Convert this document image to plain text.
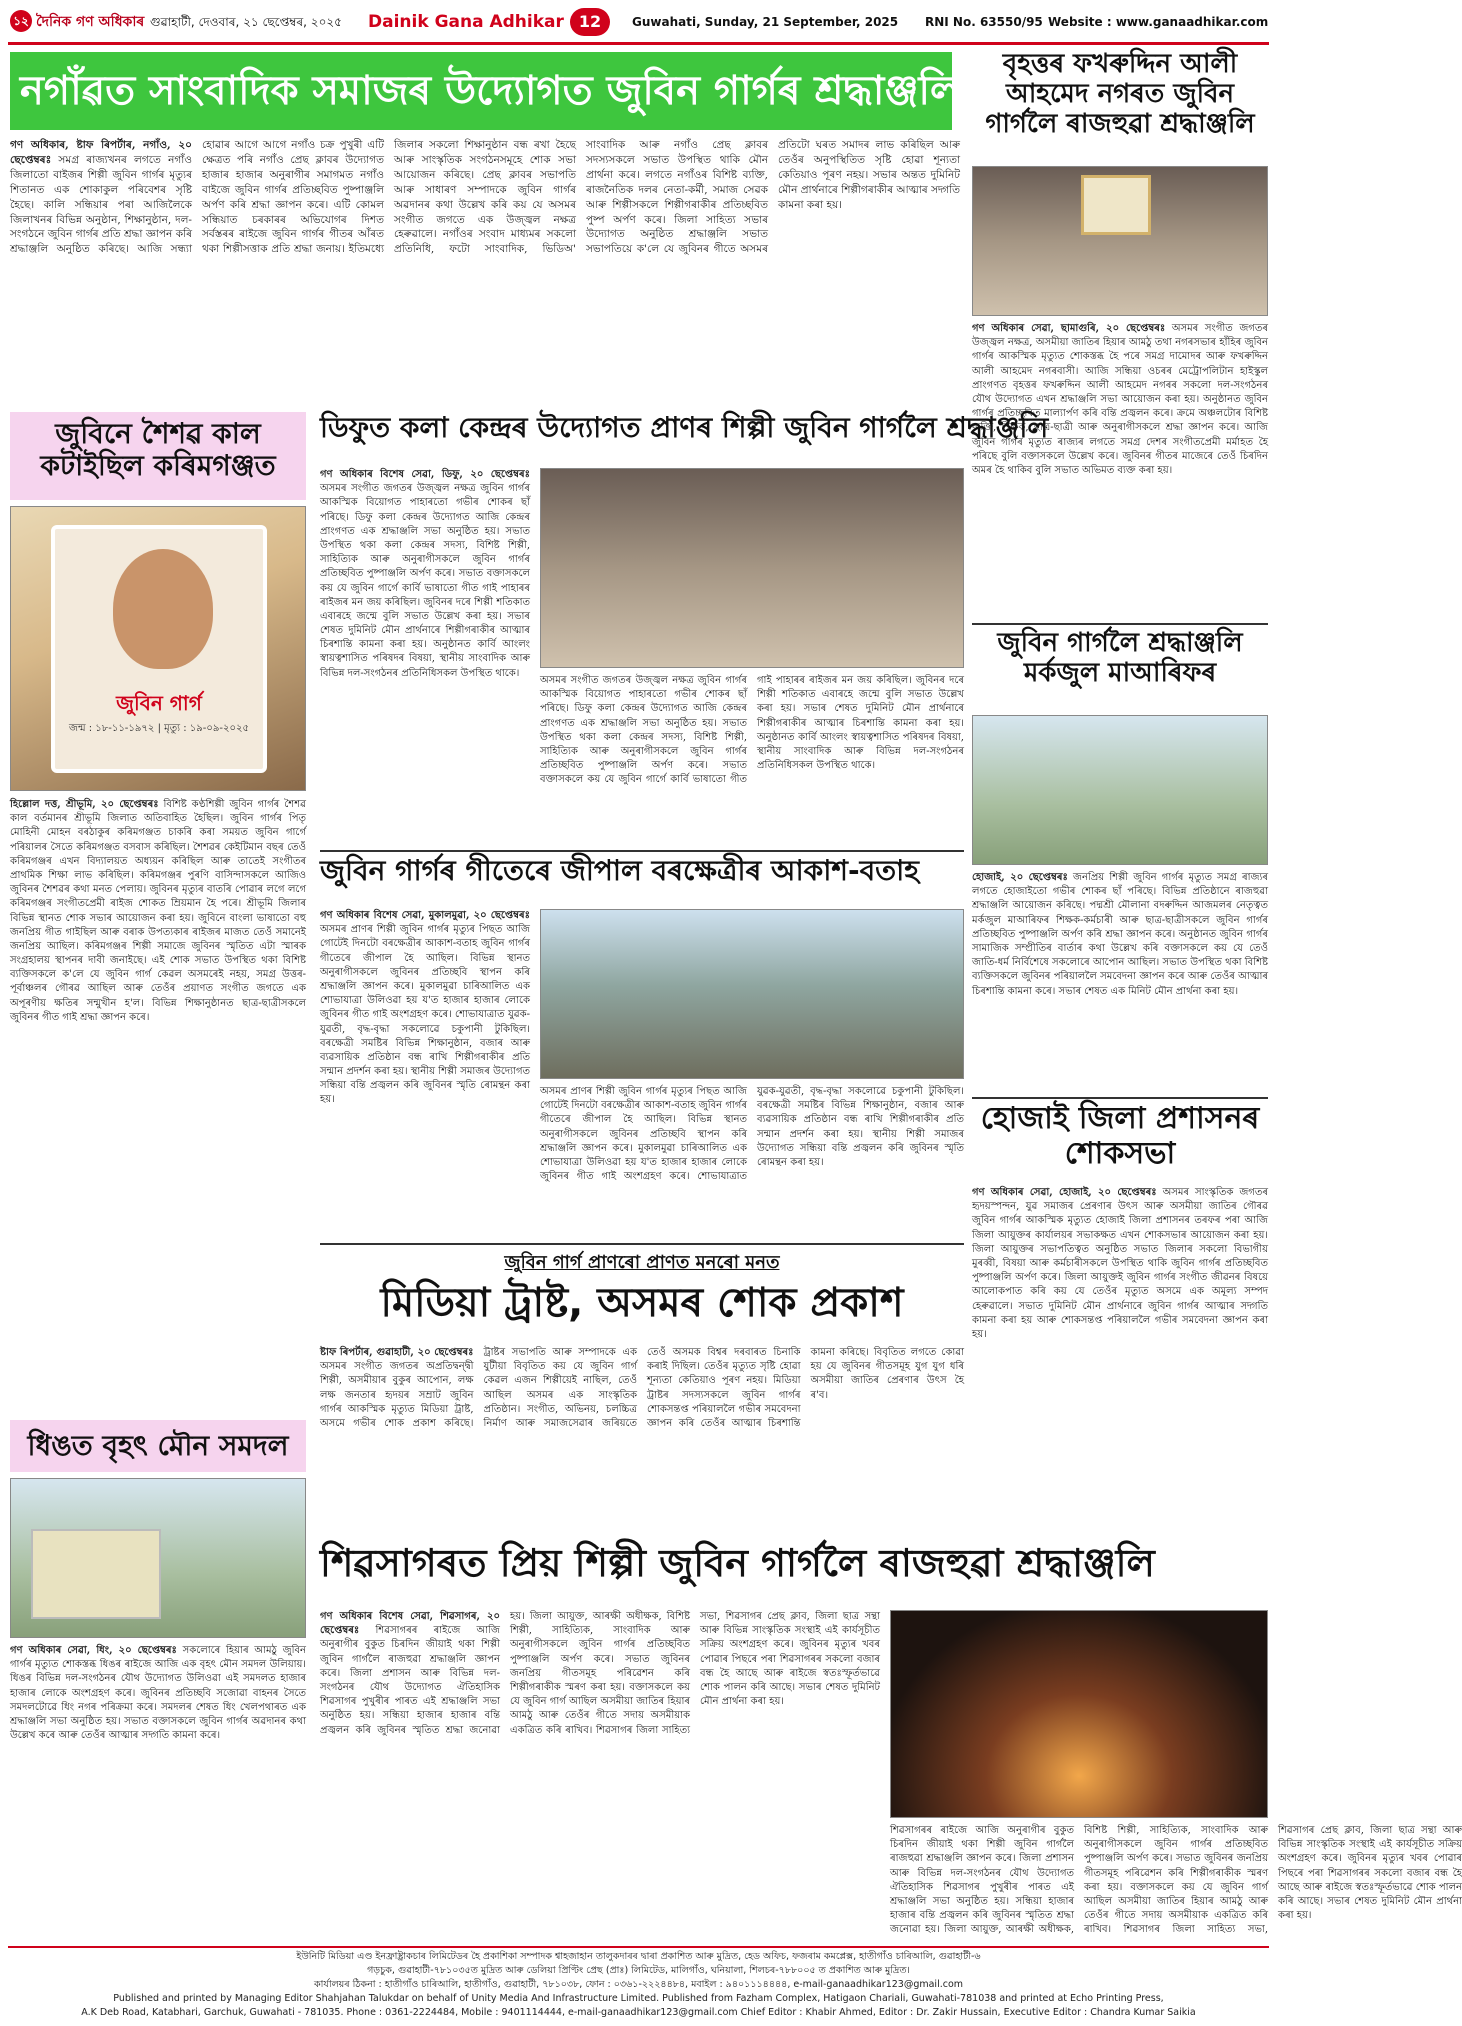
১২ দৈনিক গণ অধিকাৰ গুৱাহাটী, দেওবাৰ, ২১ ছেপ্তেম্বৰ, ২০২৫	Dainik Gana Adhikar 12	Guwahati, Sunday, 21 September, 2025	RNI No. 63550/95 Website : www.ganaadhikar.com
নগাঁৱত সাংবাদিক সমাজৰ উদ্যোগত জুবিন গাৰ্গৰ শ্ৰদ্ধাঞ্জলি
গণ অধিকাৰ, ষ্টাফ ৰিপৰ্টাৰ, নগাঁও, ২০ ছেপ্তেম্বৰঃ সমগ্ৰ ৰাজ্যখনৰ লগতে নগাঁও জিলাতো বাইজৰ শিল্পী জুবিন গাৰ্গৰ মৃত্যুৰ শিতানত এক শোকাকুল পৰিবেশৰ সৃষ্টি হৈছে। কালি সন্ধিয়াৰ পৰা আজিলৈকে জিলাখনৰ বিভিন্ন অনুষ্ঠান, শিক্ষানুষ্ঠান, দল-সংগঠনে জুবিন গাৰ্গৰ প্ৰতি শ্ৰদ্ধা জ্ঞাপন কৰি শ্ৰদ্ধাঞ্জলি অনুষ্ঠিত কৰিছে। আজি সন্ধ্যা হোৱাৰ আগে আগে নগাঁও চক্ৰ পুখুৰী এটি ক্ষেত্ৰত পৰি নগাঁও প্ৰেছ ক্লাবৰ উদ্যোগত হাজাৰ হাজাৰ অনুৰাগীৰ সমাগমত নগাঁও বাইজে জুবিন গাৰ্গৰ প্ৰতিচ্ছবিত পুষ্পাঞ্জলি অৰ্পণ কৰি শ্ৰদ্ধা জ্ঞাপন কৰে। এটি কোমল সন্ধিয়াত চৰকাৰৰ অভিযোগৰ দিশত সৰ্বস্তৰৰ ৰাইজে জুবিন গাৰ্গৰ গীতৰ আঁৰত থকা শিল্পীসত্তাক প্ৰতি শ্ৰদ্ধা জনায়। ইতিমধ্যে জিলাৰ সকলো শিক্ষানুষ্ঠান বন্ধ ৰখা হৈছে আৰু সাংস্কৃতিক সংগঠনসমূহে শোক সভা আয়োজন কৰিছে। প্ৰেছ ক্লাবৰ সভাপতি আৰু সাধাৰণ সম্পাদকে জুবিন গাৰ্গৰ অৱদানৰ কথা উল্লেখ কৰি কয় যে অসমৰ সংগীত জগতে এক উজ্জ্বল নক্ষত্ৰ হেৰুৱালে। নগাঁওৰ সংবাদ মাধ্যমৰ সকলো প্ৰতিনিধি, ফটো সাংবাদিক, ভিডিঅ' সাংবাদিক আৰু নগাঁও প্ৰেছ ক্লাবৰ সদস্যসকলে সভাত উপস্থিত থাকি মৌন প্ৰাৰ্থনা কৰে। লগতে নগাঁওৰ বিশিষ্ট ব্যক্তি, ৰাজনৈতিক দলৰ নেতা-কৰ্মী, সমাজ সেৱক আৰু শিল্পীসকলে শিল্পীগৰাকীৰ প্ৰতিচ্ছবিত পুষ্প অৰ্পণ কৰে। জিলা সাহিত্য সভাৰ উদ্যোগত অনুষ্ঠিত শ্ৰদ্ধাঞ্জলি সভাত সভাপতিয়ে ক'লে যে জুবিনৰ গীতে অসমৰ প্ৰতিটো ঘৰত সমাদৰ লাভ কৰিছিল আৰু তেওঁৰ অনুপস্থিতিত সৃষ্টি হোৱা শূন্যতা কেতিয়াও পূৰণ নহয়। সভাৰ অন্তত দুমিনিট মৌন প্ৰাৰ্থনাৰে শিল্পীগৰাকীৰ আত্মাৰ সদ্গতি কামনা কৰা হয়।
বৃহত্তৰ ফখৰুদ্দিন আলী আহমেদ নগৰত জুবিন গাৰ্গলৈ ৰাজহুৱা শ্ৰদ্ধাঞ্জলি
গণ অধিকাৰ সেৱা, ছামাগুৰি, ২০ ছেপ্তেম্বৰঃ অসমৰ সংগীত জগতৰ উজ্জ্বল নক্ষত্ৰ, অসমীয়া জাতিৰ হিয়াৰ আমঠু তথা নগৰসভাৰ হাঁহিৰ জুবিন গাৰ্গৰ আকস্মিক মৃত্যুত শোকস্তব্ধ হৈ পৰে সমগ্ৰ দামোদৰ আৰু ফখৰুদ্দিন আলী আহমেদ নগৰবাসী। আজি সন্ধিয়া ওচৰৰ মেট্ৰোপলিটান হাইস্কুল প্ৰাংগণত বৃহত্তৰ ফখৰুদ্দিন আলী আহমেদ নগৰৰ সকলো দল-সংগঠনৰ যৌথ উদ্যোগত এখন শ্ৰদ্ধাঞ্জলি সভা আয়োজন কৰা হয়। অনুষ্ঠানত জুবিন গাৰ্গৰ প্ৰতিচ্ছবিত মাল্যাৰ্পণ কৰি বন্তি প্ৰজ্বলন কৰে। ক্ৰমে অঞ্চলটোৰ বিশিষ্ট ব্যক্তি, শিক্ষক, ছাত্ৰ-ছাত্ৰী আৰু অনুৰাগীসকলে শ্ৰদ্ধা জ্ঞাপন কৰে। আজি জুবিন গাৰ্গৰ মৃত্যুত ৰাজ্যৰ লগতে সমগ্ৰ দেশৰ সংগীতপ্ৰেমী মৰ্মাহত হৈ পৰিছে বুলি বক্তাসকলে উল্লেখ কৰে। জুবিনৰ গীতৰ মাজেৰে তেওঁ চিৰদিন অমৰ হৈ থাকিব বুলি সভাত অভিমত ব্যক্ত কৰা হয়।
জুবিন গাৰ্গলৈ শ্ৰদ্ধাঞ্জলি মৰ্কজুল মাআৰিফৰ
হোজাই, ২০ ছেপ্তেম্বৰঃ জনপ্ৰিয় শিল্পী জুবিন গাৰ্গৰ মৃত্যুত সমগ্ৰ ৰাজ্যৰ লগতে হোজাইতো গভীৰ শোকৰ ছাঁ পৰিছে। বিভিন্ন প্ৰতিষ্ঠানে ৰাজহুৱা শ্ৰদ্ধাঞ্জলি আয়োজন কৰিছে। পদ্মশ্ৰী মৌলানা বদৰুদ্দিন আজমলৰ নেতৃত্বত মৰ্কজুল মাআৰিফৰ শিক্ষক-কৰ্মচাৰী আৰু ছাত্ৰ-ছাত্ৰীসকলে জুবিন গাৰ্গৰ প্ৰতিচ্ছবিত পুষ্পাঞ্জলি অৰ্পণ কৰি শ্ৰদ্ধা জ্ঞাপন কৰে। অনুষ্ঠানত জুবিন গাৰ্গৰ সামাজিক সম্প্ৰীতিৰ বাৰ্তাৰ কথা উল্লেখ কৰি বক্তাসকলে কয় যে তেওঁ জাতি-ধৰ্ম নিৰ্বিশেষে সকলোৰে আপোন আছিল। সভাত উপস্থিত থকা বিশিষ্ট ব্যক্তিসকলে জুবিনৰ পৰিয়াললৈ সমবেদনা জ্ঞাপন কৰে আৰু তেওঁৰ আত্মাৰ চিৰশান্তি কামনা কৰে। সভাৰ শেষত এক মিনিট মৌন প্ৰাৰ্থনা কৰা হয়।
হোজাই জিলা প্ৰশাসনৰ শোকসভা
গণ অধিকাৰ সেৱা, হোজাই, ২০ ছেপ্তেম্বৰঃ অসমৰ সাংস্কৃতিক জগতৰ হৃদয়স্পন্দন, যুৱ সমাজৰ প্ৰেৰণাৰ উৎস আৰু অসমীয়া জাতিৰ গৌৰৱ জুবিন গাৰ্গৰ আকস্মিক মৃত্যুত হোজাই জিলা প্ৰশাসনৰ তৰফৰ পৰা আজি জিলা আয়ুক্তৰ কাৰ্যালয়ৰ সভাকক্ষত এখন শোকসভাৰ আয়োজন কৰা হয়। জিলা আয়ুক্তৰ সভাপতিত্বত অনুষ্ঠিত সভাত জিলাৰ সকলো বিভাগীয় মুৰব্বী, বিষয়া আৰু কৰ্মচাৰীসকলে উপস্থিত থাকি জুবিন গাৰ্গৰ প্ৰতিচ্ছবিত পুষ্পাঞ্জলি অৰ্পণ কৰে। জিলা আয়ুক্তই জুবিন গাৰ্গৰ সংগীত জীৱনৰ বিষয়ে আলোকপাত কৰি কয় যে তেওঁৰ মৃত্যুত অসমে এক অমূল্য সম্পদ হেৰুৱালে। সভাত দুমিনিট মৌন প্ৰাৰ্থনাৰে জুবিন গাৰ্গৰ আত্মাৰ সদ্গতি কামনা কৰা হয় আৰু শোকসন্তপ্ত পৰিয়াললৈ গভীৰ সমবেদনা জ্ঞাপন কৰা হয়।
জুবিনে শৈশৱ কাল কটাইছিল কৰিমগঞ্জত
জুবিন গাৰ্গ
জন্ম : ১৮-১১-১৯৭২ | মৃত্যু : ১৯-০৯-২০২৫
হিল্লোল দত্ত, শ্ৰীভূমি, ২০ ছেপ্তেম্বৰঃ বিশিষ্ট কণ্ঠশিল্পী জুবিন গাৰ্গৰ শৈশৱ কাল বৰ্তমানৰ শ্ৰীভূমি জিলাত অতিবাহিত হৈছিল। জুবিন গাৰ্গৰ পিতৃ মোহিনী মোহন বৰঠাকুৰ কৰিমগঞ্জত চাকৰি কৰা সময়ত জুবিন গাৰ্গে পৰিয়ালৰ সৈতে কৰিমগঞ্জত বসবাস কৰিছিল। শৈশৱৰ কেইটিমান বছৰ তেওঁ কৰিমগঞ্জৰ এখন বিদ্যালয়ত অধ্যয়ন কৰিছিল আৰু তাতেই সংগীতৰ প্ৰাথমিক শিক্ষা লাভ কৰিছিল। কৰিমগঞ্জৰ পুৰণি বাসিন্দাসকলে আজিও জুবিনৰ শৈশৱৰ কথা মনত পেলায়। জুবিনৰ মৃত্যুৰ বাতৰি পোৱাৰ লগে লগে কৰিমগঞ্জৰ সংগীতপ্ৰেমী ৰাইজ শোকত ম্ৰিয়মান হৈ পৰে। শ্ৰীভূমি জিলাৰ বিভিন্ন স্থানত শোক সভাৰ আয়োজন কৰা হয়। জুবিনে বাংলা ভাষাতো বহু জনপ্ৰিয় গীত গাইছিল আৰু বৰাক উপত্যকাৰ ৰাইজৰ মাজত তেওঁ সমানেই জনপ্ৰিয় আছিল। কৰিমগঞ্জৰ শিল্পী সমাজে জুবিনৰ স্মৃতিত এটা স্মাৰক সংগ্ৰহালয় স্থাপনৰ দাবী জনাইছে। এই শোক সভাত উপস্থিত থকা বিশিষ্ট ব্যক্তিসকলে ক'লে যে জুবিন গাৰ্গ কেৱল অসমৰেই নহয়, সমগ্ৰ উত্তৰ-পূৰ্বাঞ্চলৰ গৌৰৱ আছিল আৰু তেওঁৰ প্ৰয়াণত সংগীত জগতে এক অপূৰণীয় ক্ষতিৰ সন্মুখীন হ'ল। বিভিন্ন শিক্ষানুষ্ঠানত ছাত্ৰ-ছাত্ৰীসকলে জুবিনৰ গীত গাই শ্ৰদ্ধা জ্ঞাপন কৰে।
ডিফুত কলা কেন্দ্ৰৰ উদ্যোগত প্ৰাণৰ শিল্পী জুবিন গাৰ্গলৈ শ্ৰদ্ধাঞ্জলি
গণ অধিকাৰ বিশেষ সেৱা, ডিফু, ২০ ছেপ্তেম্বৰঃ অসমৰ সংগীত জগতৰ উজ্জ্বল নক্ষত্ৰ জুবিন গাৰ্গৰ আকস্মিক বিয়োগত পাহাৰতো গভীৰ শোকৰ ছাঁ পৰিছে। ডিফু কলা কেন্দ্ৰৰ উদ্যোগত আজি কেন্দ্ৰৰ প্ৰাংগণত এক শ্ৰদ্ধাঞ্জলি সভা অনুষ্ঠিত হয়। সভাত উপস্থিত থকা কলা কেন্দ্ৰৰ সদস্য, বিশিষ্ট শিল্পী, সাহিত্যিক আৰু অনুৰাগীসকলে জুবিন গাৰ্গৰ প্ৰতিচ্ছবিত পুষ্পাঞ্জলি অৰ্পণ কৰে। সভাত বক্তাসকলে কয় যে জুবিন গাৰ্গে কাৰ্বি ভাষাতো গীত গাই পাহাৰৰ ৰাইজৰ মন জয় কৰিছিল। জুবিনৰ দৰে শিল্পী শতিকাত এবাৰহে জন্মে বুলি সভাত উল্লেখ কৰা হয়। সভাৰ শেষত দুমিনিট মৌন প্ৰাৰ্থনাৰে শিল্পীগৰাকীৰ আত্মাৰ চিৰশান্তি কামনা কৰা হয়। অনুষ্ঠানত কাৰ্বি আংলং স্বায়ত্বশাসিত পৰিষদৰ বিষয়া, স্থানীয় সাংবাদিক আৰু বিভিন্ন দল-সংগঠনৰ প্ৰতিনিধিসকল উপস্থিত থাকে।
অসমৰ সংগীত জগতৰ উজ্জ্বল নক্ষত্ৰ জুবিন গাৰ্গৰ আকস্মিক বিয়োগত পাহাৰতো গভীৰ শোকৰ ছাঁ পৰিছে। ডিফু কলা কেন্দ্ৰৰ উদ্যোগত আজি কেন্দ্ৰৰ প্ৰাংগণত এক শ্ৰদ্ধাঞ্জলি সভা অনুষ্ঠিত হয়। সভাত উপস্থিত থকা কলা কেন্দ্ৰৰ সদস্য, বিশিষ্ট শিল্পী, সাহিত্যিক আৰু অনুৰাগীসকলে জুবিন গাৰ্গৰ প্ৰতিচ্ছবিত পুষ্পাঞ্জলি অৰ্পণ কৰে। সভাত বক্তাসকলে কয় যে জুবিন গাৰ্গে কাৰ্বি ভাষাতো গীত গাই পাহাৰৰ ৰাইজৰ মন জয় কৰিছিল। জুবিনৰ দৰে শিল্পী শতিকাত এবাৰহে জন্মে বুলি সভাত উল্লেখ কৰা হয়। সভাৰ শেষত দুমিনিট মৌন প্ৰাৰ্থনাৰে শিল্পীগৰাকীৰ আত্মাৰ চিৰশান্তি কামনা কৰা হয়। অনুষ্ঠানত কাৰ্বি আংলং স্বায়ত্বশাসিত পৰিষদৰ বিষয়া, স্থানীয় সাংবাদিক আৰু বিভিন্ন দল-সংগঠনৰ প্ৰতিনিধিসকল উপস্থিত থাকে।
জুবিন গাৰ্গৰ গীতেৰে জীপাল বৰক্ষেত্ৰীৰ আকাশ-বতাহ
গণ অধিকাৰ বিশেষ সেৱা, মুকালমুৱা, ২০ ছেপ্তেম্বৰঃ অসমৰ প্ৰাণৰ শিল্পী জুবিন গাৰ্গৰ মৃত্যুৰ পিছত আজি গোটেই দিনটো বৰক্ষেত্ৰীৰ আকাশ-বতাহ জুবিন গাৰ্গৰ গীতেৰে জীপাল হৈ আছিল। বিভিন্ন স্থানত অনুৰাগীসকলে জুবিনৰ প্ৰতিচ্ছবি স্থাপন কৰি শ্ৰদ্ধাঞ্জলি জ্ঞাপন কৰে। মুকালমুৱা চাৰিআলিত এক শোভাযাত্ৰা উলিওৱা হয় য'ত হাজাৰ হাজাৰ লোকে জুবিনৰ গীত গাই অংশগ্ৰহণ কৰে। শোভাযাত্ৰাত যুৱক-যুৱতী, বৃদ্ধ-বৃদ্ধা সকলোৱে চকুপানী টুকিছিল। বৰক্ষেত্ৰী সমষ্টিৰ বিভিন্ন শিক্ষানুষ্ঠান, বজাৰ আৰু ব্যৱসায়িক প্ৰতিষ্ঠান বন্ধ ৰাখি শিল্পীগৰাকীৰ প্ৰতি সন্মান প্ৰদৰ্শন কৰা হয়। স্থানীয় শিল্পী সমাজৰ উদ্যোগত সন্ধিয়া বন্তি প্ৰজ্বলন কৰি জুবিনৰ স্মৃতি ৰোমন্থন কৰা হয়।
অসমৰ প্ৰাণৰ শিল্পী জুবিন গাৰ্গৰ মৃত্যুৰ পিছত আজি গোটেই দিনটো বৰক্ষেত্ৰীৰ আকাশ-বতাহ জুবিন গাৰ্গৰ গীতেৰে জীপাল হৈ আছিল। বিভিন্ন স্থানত অনুৰাগীসকলে জুবিনৰ প্ৰতিচ্ছবি স্থাপন কৰি শ্ৰদ্ধাঞ্জলি জ্ঞাপন কৰে। মুকালমুৱা চাৰিআলিত এক শোভাযাত্ৰা উলিওৱা হয় য'ত হাজাৰ হাজাৰ লোকে জুবিনৰ গীত গাই অংশগ্ৰহণ কৰে। শোভাযাত্ৰাত যুৱক-যুৱতী, বৃদ্ধ-বৃদ্ধা সকলোৱে চকুপানী টুকিছিল। বৰক্ষেত্ৰী সমষ্টিৰ বিভিন্ন শিক্ষানুষ্ঠান, বজাৰ আৰু ব্যৱসায়িক প্ৰতিষ্ঠান বন্ধ ৰাখি শিল্পীগৰাকীৰ প্ৰতি সন্মান প্ৰদৰ্শন কৰা হয়। স্থানীয় শিল্পী সমাজৰ উদ্যোগত সন্ধিয়া বন্তি প্ৰজ্বলন কৰি জুবিনৰ স্মৃতি ৰোমন্থন কৰা হয়।
জুবিন গাৰ্গ প্ৰাণৰো প্ৰাণত মনৰো মনত
মিডিয়া ট্ৰাষ্ট, অসমৰ শোক প্ৰকাশ
ষ্টাফ ৰিপৰ্টাৰ, গুৱাহাটী, ২০ ছেপ্তেম্বৰঃ অসমৰ সংগীত জগতৰ অপ্ৰতিদ্বন্দ্বী শিল্পী, অসমীয়াৰ বুকুৰ আপোন, লক্ষ লক্ষ জনতাৰ হৃদয়ৰ সম্ৰাট জুবিন গাৰ্গৰ আকস্মিক মৃত্যুত মিডিয়া ট্ৰাষ্ট, অসমে গভীৰ শোক প্ৰকাশ কৰিছে। ট্ৰাষ্টৰ সভাপতি আৰু সম্পাদকে এক যুটীয়া বিবৃতিত কয় যে জুবিন গাৰ্গ কেৱল এজন শিল্পীয়েই নাছিল, তেওঁ আছিল অসমৰ এক সাংস্কৃতিক প্ৰতিষ্ঠান। সংগীত, অভিনয়, চলচ্চিত্ৰ নিৰ্মাণ আৰু সমাজসেৱাৰ জৰিয়তে তেওঁ অসমক বিশ্বৰ দৰবাৰত চিনাকি কৰাই দিছিল। তেওঁৰ মৃত্যুত সৃষ্টি হোৱা শূন্যতা কেতিয়াও পূৰণ নহয়। মিডিয়া ট্ৰাষ্টৰ সদস্যসকলে জুবিন গাৰ্গৰ শোকসন্তপ্ত পৰিয়াললৈ গভীৰ সমবেদনা জ্ঞাপন কৰি তেওঁৰ আত্মাৰ চিৰশান্তি কামনা কৰিছে। বিবৃতিত লগতে কোৱা হয় যে জুবিনৰ গীতসমূহ যুগ যুগ ধৰি অসমীয়া জাতিৰ প্ৰেৰণাৰ উৎস হৈ ৰ'ব।
ধিঙত বৃহৎ মৌন সমদল
গণ অধিকাৰ সেৱা, ধিং, ২০ ছেপ্তেম্বৰঃ সকলোৰে হিয়াৰ আমঠু জুবিন গাৰ্গৰ মৃত্যুত শোকস্তব্ধ ধিঙৰ ৰাইজে আজি এক বৃহৎ মৌন সমদল উলিয়ায়। ধিঙৰ বিভিন্ন দল-সংগঠনৰ যৌথ উদ্যোগত উলিওৱা এই সমদলত হাজাৰ হাজাৰ লোকে অংশগ্ৰহণ কৰে। জুবিনৰ প্ৰতিচ্ছবি সজোৱা বাহনৰ সৈতে সমদলটোৱে ধিং নগৰ পৰিক্ৰমা কৰে। সমদলৰ শেষত ধিং খেলপথাৰত এক শ্ৰদ্ধাঞ্জলি সভা অনুষ্ঠিত হয়। সভাত বক্তাসকলে জুবিন গাৰ্গৰ অৱদানৰ কথা উল্লেখ কৰে আৰু তেওঁৰ আত্মাৰ সদ্গতি কামনা কৰে।
শিৱসাগৰত প্ৰিয় শিল্পী জুবিন গাৰ্গলৈ ৰাজহুৱা শ্ৰদ্ধাঞ্জলি
গণ অধিকাৰ বিশেষ সেৱা, শিৱসাগৰ, ২০ ছেপ্তেম্বৰঃ শিৱসাগৰৰ ৰাইজে আজি অনুৰাগীৰ বুকুত চিৰদিন জীয়াই থকা শিল্পী জুবিন গাৰ্গলৈ ৰাজহুৱা শ্ৰদ্ধাঞ্জলি জ্ঞাপন কৰে। জিলা প্ৰশাসন আৰু বিভিন্ন দল-সংগঠনৰ যৌথ উদ্যোগত ঐতিহাসিক শিৱসাগৰ পুখুৰীৰ পাৰত এই শ্ৰদ্ধাঞ্জলি সভা অনুষ্ঠিত হয়। সন্ধিয়া হাজাৰ হাজাৰ বন্তি প্ৰজ্বলন কৰি জুবিনৰ স্মৃতিত শ্ৰদ্ধা জনোৱা হয়। জিলা আয়ুক্ত, আৰক্ষী অধীক্ষক, বিশিষ্ট শিল্পী, সাহিত্যিক, সাংবাদিক আৰু অনুৰাগীসকলে জুবিন গাৰ্গৰ প্ৰতিচ্ছবিত পুষ্পাঞ্জলি অৰ্পণ কৰে। সভাত জুবিনৰ জনপ্ৰিয় গীতসমূহ পৰিৱেশন কৰি শিল্পীগৰাকীক স্মৰণ কৰা হয়। বক্তাসকলে কয় যে জুবিন গাৰ্গ আছিল অসমীয়া জাতিৰ হিয়াৰ আমঠু আৰু তেওঁৰ গীতে সদায় অসমীয়াক একত্ৰিত কৰি ৰাখিব। শিৱসাগৰ জিলা সাহিত্য সভা, শিৱসাগৰ প্ৰেছ ক্লাব, জিলা ছাত্ৰ সন্থা আৰু বিভিন্ন সাংস্কৃতিক সংস্থাই এই কাৰ্যসূচীত সক্ৰিয় অংশগ্ৰহণ কৰে। জুবিনৰ মৃত্যুৰ খবৰ পোৱাৰ পিছৰে পৰা শিৱসাগৰৰ সকলো বজাৰ বন্ধ হৈ আছে আৰু ৰাইজে স্বতঃস্ফূৰ্তভাৱে শোক পালন কৰি আছে। সভাৰ শেষত দুমিনিট মৌন প্ৰাৰ্থনা কৰা হয়।
শিৱসাগৰৰ ৰাইজে আজি অনুৰাগীৰ বুকুত চিৰদিন জীয়াই থকা শিল্পী জুবিন গাৰ্গলৈ ৰাজহুৱা শ্ৰদ্ধাঞ্জলি জ্ঞাপন কৰে। জিলা প্ৰশাসন আৰু বিভিন্ন দল-সংগঠনৰ যৌথ উদ্যোগত ঐতিহাসিক শিৱসাগৰ পুখুৰীৰ পাৰত এই শ্ৰদ্ধাঞ্জলি সভা অনুষ্ঠিত হয়। সন্ধিয়া হাজাৰ হাজাৰ বন্তি প্ৰজ্বলন কৰি জুবিনৰ স্মৃতিত শ্ৰদ্ধা জনোৱা হয়। জিলা আয়ুক্ত, আৰক্ষী অধীক্ষক, বিশিষ্ট শিল্পী, সাহিত্যিক, সাংবাদিক আৰু অনুৰাগীসকলে জুবিন গাৰ্গৰ প্ৰতিচ্ছবিত পুষ্পাঞ্জলি অৰ্পণ কৰে। সভাত জুবিনৰ জনপ্ৰিয় গীতসমূহ পৰিৱেশন কৰি শিল্পীগৰাকীক স্মৰণ কৰা হয়। বক্তাসকলে কয় যে জুবিন গাৰ্গ আছিল অসমীয়া জাতিৰ হিয়াৰ আমঠু আৰু তেওঁৰ গীতে সদায় অসমীয়াক একত্ৰিত কৰি ৰাখিব। শিৱসাগৰ জিলা সাহিত্য সভা, শিৱসাগৰ প্ৰেছ ক্লাব, জিলা ছাত্ৰ সন্থা আৰু বিভিন্ন সাংস্কৃতিক সংস্থাই এই কাৰ্যসূচীত সক্ৰিয় অংশগ্ৰহণ কৰে। জুবিনৰ মৃত্যুৰ খবৰ পোৱাৰ পিছৰে পৰা শিৱসাগৰৰ সকলো বজাৰ বন্ধ হৈ আছে আৰু ৰাইজে স্বতঃস্ফূৰ্তভাৱে শোক পালন কৰি আছে। সভাৰ শেষত দুমিনিট মৌন প্ৰাৰ্থনা কৰা হয়।
ইউনিটি মিডিয়া এণ্ড ইনফ্ৰাষ্ট্ৰাকচাৰ লিমিটেডৰ হৈ প্ৰকাশিকা সম্পাদক শ্বাহজাহান তালুকদাৰৰ দ্বাৰা প্ৰকাশিত আৰু মুদ্ৰিত, হেড অফিচ, ফজৰাম কমপ্লেক্স, হাতীগাঁও চাৰিআলি, গুৱাহাটী-৬
গড়চুক, গুৱাহাটী-৭৮১০৩৫ত মুদ্ৰিত আৰু ডেলিয়া প্ৰিণ্টিং প্ৰেছ (প্ৰাঃ) লিমিটেড, মালিগাঁও, ঘনিয়ালা, শিলচৰ-৭৮৮০০৫ ত প্ৰকাশিত আৰু মুদ্ৰিত।
কাৰ্যালয়ৰ ঠিকনা : হাতীগাঁও চাৰিআলি, হাতীগাঁও, গুৱাহাটী, ৭৮১০৩৮, ফোন : ০৩৬১-২২২৪৪৮৪, মবাইল : ৯৪০১১১৪৪৪৪, e-mail-ganaadhikar123@gmail.com
Published and printed by Managing Editor Shahjahan Talukdar on behalf of Unity Media And Infrastructure Limited. Published from Fazham Complex, Hatigaon Chariali, Guwahati-781038 and printed at Echo Printing Press,
A.K Deb Road, Katabhari, Garchuk, Guwahati - 781035. Phone : 0361-2224484, Mobile : 9401114444, e-mail-ganaadhikar123@gmail.com Chief Editor : Khabir Ahmed, Editor : Dr. Zakir Hussain, Executive Editor : Chandra Kumar Saikia
